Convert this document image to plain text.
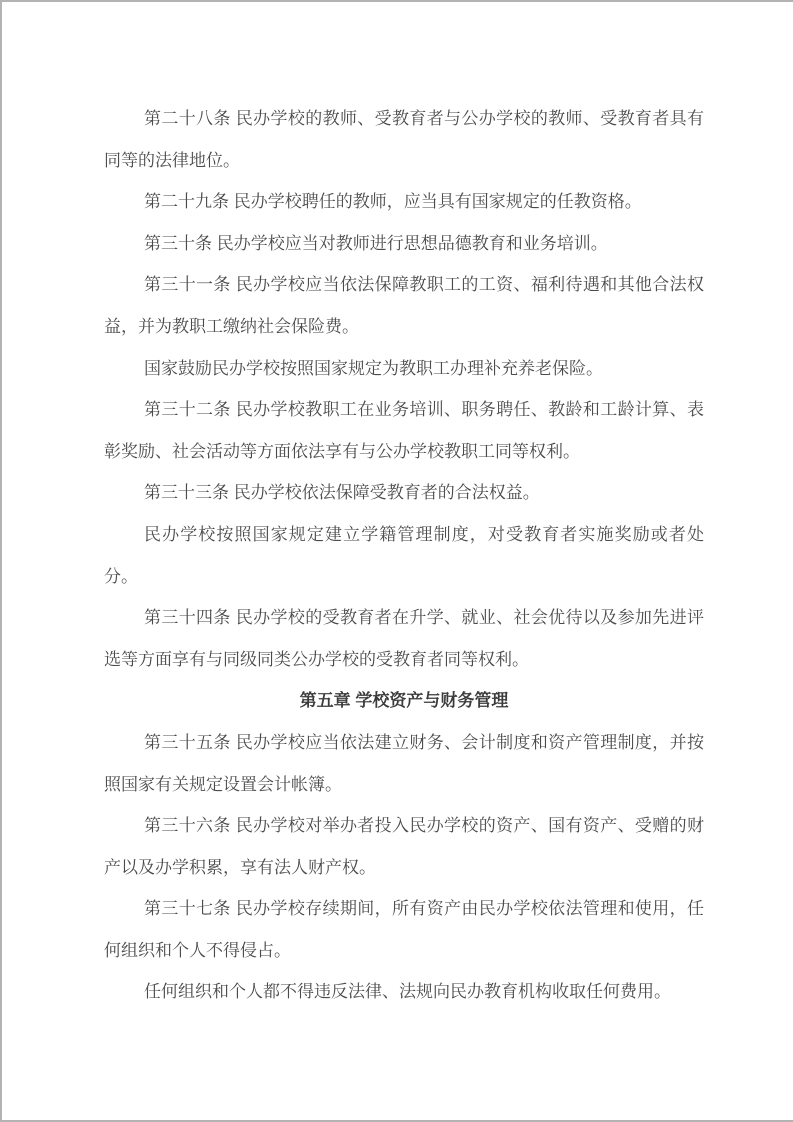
第二十八条 民办学校的教师、受教育者与公办学校的教师、受教育者具有同等的法律地位。

第二十九条 民办学校聘任的教师，应当具有国家规定的任教资格。

第三十条 民办学校应当对教师进行思想品德教育和业务培训。

第三十一条 民办学校应当依法保障教职工的工资、福利待遇和其他合法权益，并为教职工缴纳社会保险费。

国家鼓励民办学校按照国家规定为教职工办理补充养老保险。

第三十二条 民办学校教职工在业务培训、职务聘任、教龄和工龄计算、表彰奖励、社会活动等方面依法享有与公办学校教职工同等权利。

第三十三条 民办学校依法保障受教育者的合法权益。

民办学校按照国家规定建立学籍管理制度，对受教育者实施奖励或者处分。

第三十四条 民办学校的受教育者在升学、就业、社会优待以及参加先进评选等方面享有与同级同类公办学校的受教育者同等权利。

第五章 学校资产与财务管理

第三十五条 民办学校应当依法建立财务、会计制度和资产管理制度，并按照国家有关规定设置会计帐簿。

第三十六条 民办学校对举办者投入民办学校的资产、国有资产、受赠的财产以及办学积累，享有法人财产权。

第三十七条 民办学校存续期间，所有资产由民办学校依法管理和使用，任何组织和个人不得侵占。

任何组织和个人都不得违反法律、法规向民办教育机构收取任何费用。
